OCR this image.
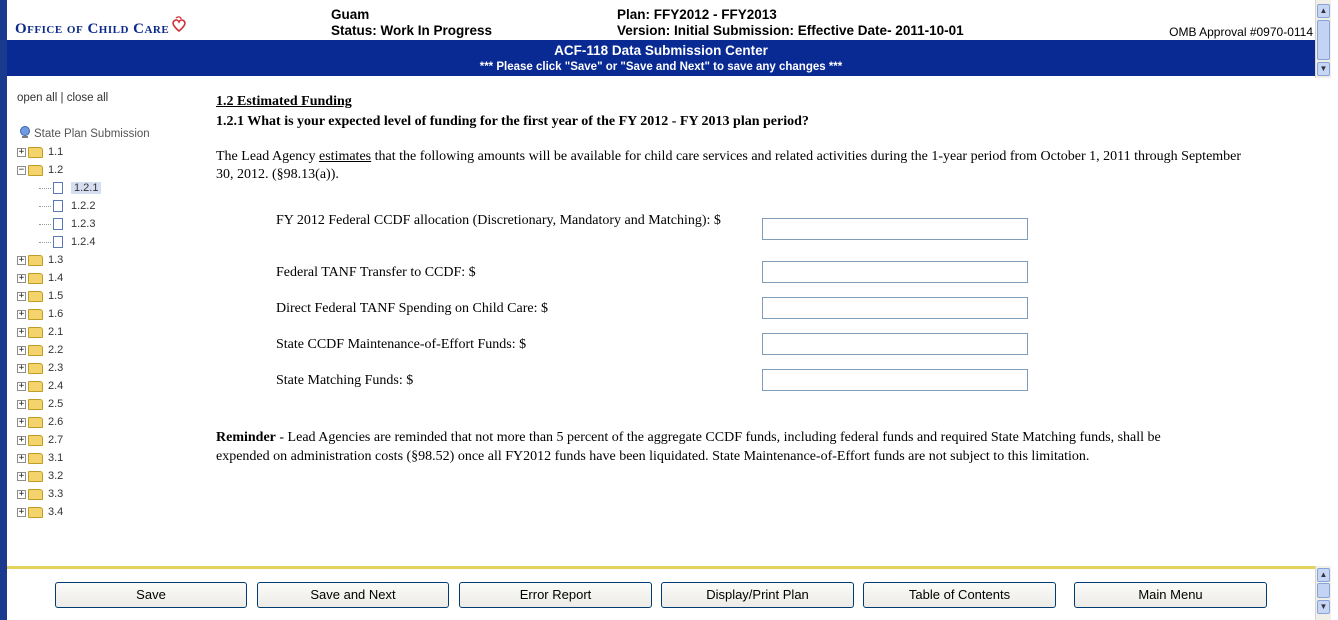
Office of Child Care
Guam
Status: Work In Progress
Plan: FFY2012 - FFY2013
Version: Initial Submission: Effective Date- 2011-10-01	OMB Approval #0970-0114
ACF-118 Data Submission Center
*** Please click "Save" or "Save and Next" to save any changes ***
▲
▼
open all | close all
State Plan Submission
+ 1.1
− 1.2
1.2.1
1.2.2
1.2.3
1.2.4
+ 1.3
+ 1.4
+ 1.5
+ 1.6
+ 2.1
+ 2.2
+ 2.3
+ 2.4
+ 2.5
+ 2.6
+ 2.7
+ 3.1
+ 3.2
+ 3.3
+ 3.4
1.2 Estimated Funding
1.2.1 What is your expected level of funding for the first year of the FY 2012 - FY 2013 plan period?
The Lead Agency estimates that the following amounts will be available for child care services and related activities during the 1-year period from October 1, 2011 through September 30, 2012. (§98.13(a)).
FY 2012 Federal CCDF allocation (Discretionary, Mandatory and Matching): $
Federal TANF Transfer to CCDF: $
Direct Federal TANF Spending on Child Care: $
State CCDF Maintenance-of-Effort Funds: $
State Matching Funds: $
Reminder - Lead Agencies are reminded that not more than 5 percent of the aggregate CCDF funds, including federal funds and required State Matching funds, shall be expended on administration costs (§98.52) once all FY2012 funds have been liquidated. State Maintenance-of-Effort funds are not subject to this limitation.
Save	Save and Next	Error Report	Display/Print Plan	Table of Contents	Main Menu
▲
▼
